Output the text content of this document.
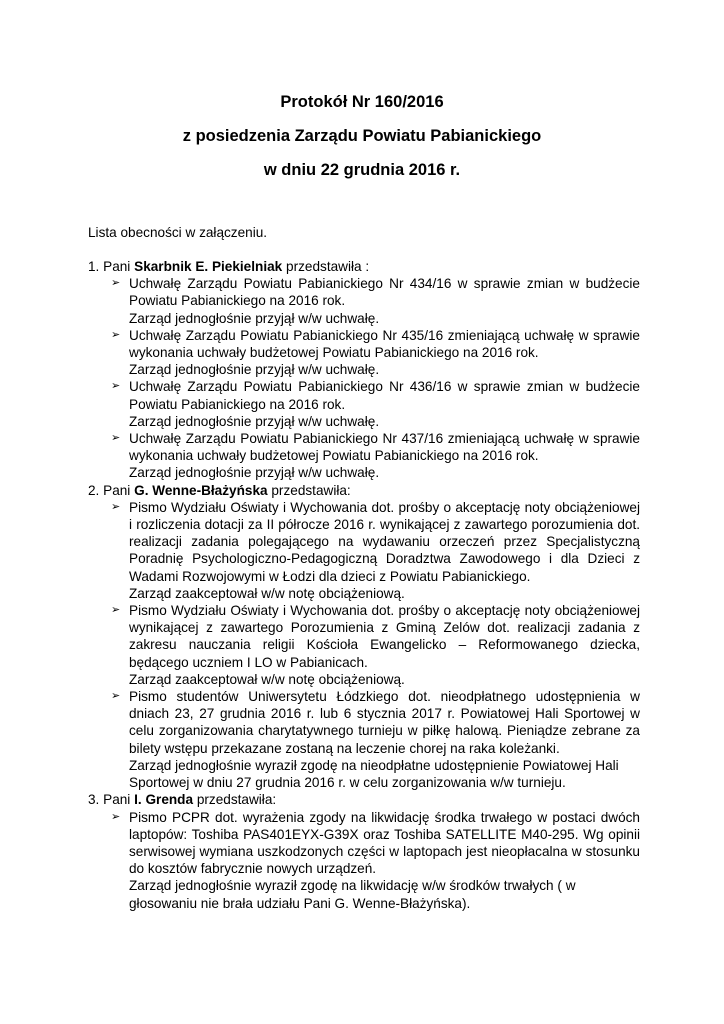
Protokół Nr 160/2016
z posiedzenia Zarządu Powiatu Pabianickiego
w dniu 22 grudnia 2016 r.
Lista obecności w załączeniu.
1. Pani Skarbnik E. Piekielniak przedstawiła :
➢ Uchwałę Zarządu Powiatu Pabianickiego Nr 434/16 w sprawie zmian w budżecie Powiatu Pabianickiego na 2016 rok.
Zarząd jednogłośnie przyjął w/w uchwałę.
➢ Uchwałę Zarządu Powiatu Pabianickiego Nr 435/16 zmieniającą uchwałę w sprawie wykonania uchwały budżetowej Powiatu Pabianickiego na 2016 rok.
Zarząd jednogłośnie przyjął w/w uchwałę.
➢ Uchwałę Zarządu Powiatu Pabianickiego Nr 436/16 w sprawie zmian w budżecie Powiatu Pabianickiego na 2016 rok.
Zarząd jednogłośnie przyjął w/w uchwałę.
➢ Uchwałę Zarządu Powiatu Pabianickiego Nr 437/16 zmieniającą uchwałę w sprawie wykonania uchwały budżetowej Powiatu Pabianickiego na 2016 rok.
Zarząd jednogłośnie przyjął w/w uchwałę.
2. Pani G. Wenne-Błażyńska przedstawiła:
➢ Pismo Wydziału Oświaty i Wychowania dot. prośby o akceptację noty obciążeniowej i rozliczenia dotacji za II półrocze 2016 r. wynikającej z zawartego porozumienia dot. realizacji zadania polegającego na wydawaniu orzeczeń przez Specjalistyczną Poradnię Psychologiczno-Pedagogiczną Doradztwa Zawodowego i dla Dzieci z Wadami Rozwojowymi w Łodzi dla dzieci z Powiatu Pabianickiego.
Zarząd zaakceptował w/w notę obciążeniową.
➢ Pismo Wydziału Oświaty i Wychowania dot. prośby o akceptację noty obciążeniowej wynikającej z zawartego Porozumienia z Gminą Zelów dot. realizacji zadania z zakresu nauczania religii Kościoła Ewangelicko – Reformowanego dziecka, będącego uczniem I LO w Pabianicach.
Zarząd zaakceptował w/w notę obciążeniową.
➢ Pismo studentów Uniwersytetu Łódzkiego dot. nieodpłatnego udostępnienia w dniach 23, 27 grudnia 2016 r. lub 6 stycznia 2017 r. Powiatowej Hali Sportowej w celu zorganizowania charytatywnego turnieju w piłkę halową. Pieniądze zebrane za bilety wstępu przekazane zostaną na leczenie chorej na raka koleżanki.
Zarząd jednogłośnie wyraził zgodę na nieodpłatne udostępnienie Powiatowej Hali Sportowej w dniu 27 grudnia 2016 r. w celu zorganizowania w/w turnieju.
3. Pani I. Grenda przedstawiła:
➢ Pismo PCPR dot. wyrażenia zgody na likwidację środka trwałego w postaci dwóch laptopów: Toshiba PAS401EYX-G39X oraz Toshiba SATELLITE M40-295. Wg opinii serwisowej wymiana uszkodzonych części w laptopach jest nieopłacalna w stosunku do kosztów fabrycznie nowych urządzeń.
Zarząd jednogłośnie wyraził zgodę na likwidację w/w środków trwałych ( w głosowaniu nie brała udziału Pani G. Wenne-Błażyńska).
